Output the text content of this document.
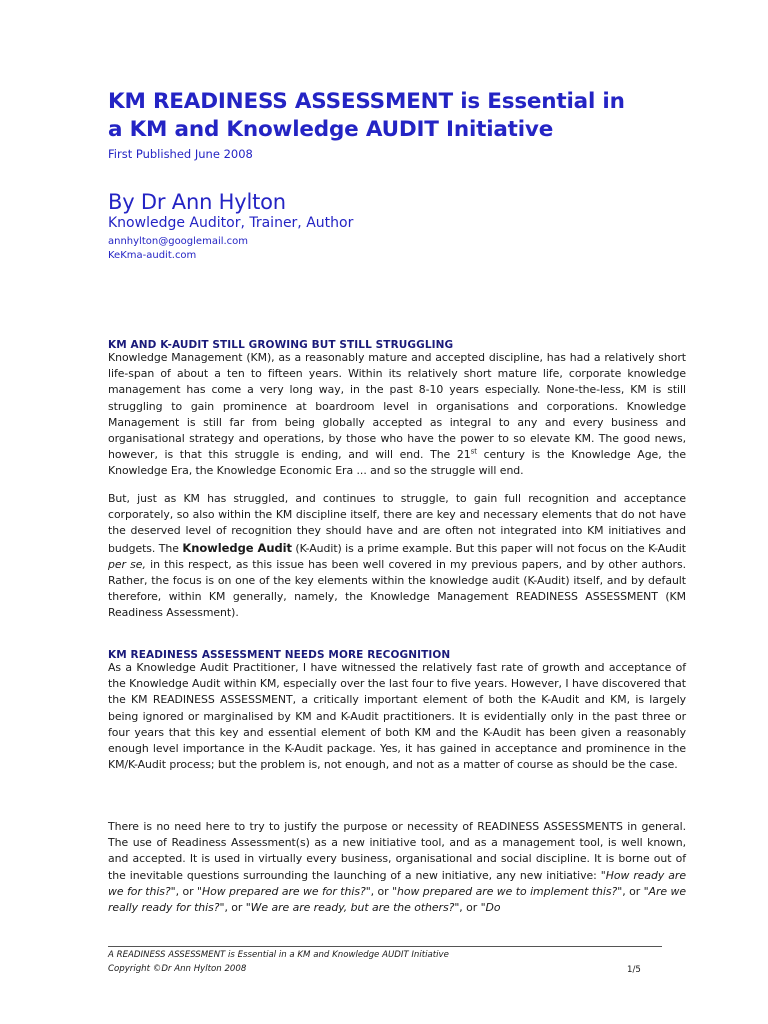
KM READINESS ASSESSMENT is Essential in
a KM and Knowledge AUDIT Initiative
First Published June 2008
By Dr Ann Hylton
Knowledge Auditor, Trainer, Author
annhylton@googlemail.com
KeKma-audit.com
KM AND K-AUDIT STILL GROWING BUT STILL STRUGGLING

Knowledge Management (KM), as a reasonably mature and accepted discipline, has had a relatively short life-span of about a ten to fifteen years. Within its relatively short mature life, corporate knowledge management has come a very long way, in the past 8-10 years especially. None-the-less, KM is still struggling to gain prominence at boardroom level in organisations and corporations. Knowledge Management is still far from being globally accepted as integral to any and every business and organisational strategy and operations, by those who have the power to so elevate KM. The good news, however, is that this struggle is ending, and will end. The 21st century is the Knowledge Age, the Knowledge Era, the Knowledge Economic Era ... and so the struggle will end.

But, just as KM has struggled, and continues to struggle, to gain full recognition and acceptance corporately, so also within the KM discipline itself, there are key and necessary elements that do not have the deserved level of recognition they should have and are often not integrated into KM initiatives and budgets. The Knowledge Audit (K-Audit) is a prime example. But this paper will not focus on the K-Audit per se, in this respect, as this issue has been well covered in my previous papers, and by other authors. Rather, the focus is on one of the key elements within the knowledge audit (K-Audit) itself, and by default therefore, within KM generally, namely, the Knowledge Management READINESS ASSESSMENT (KM Readiness Assessment).

KM READINESS ASSESSMENT NEEDS MORE RECOGNITION

As a Knowledge Audit Practitioner, I have witnessed the relatively fast rate of growth and acceptance of the Knowledge Audit within KM, especially over the last four to five years. However, I have discovered that the KM READINESS ASSESSMENT, a critically important element of both the K-Audit and KM, is largely being ignored or marginalised by KM and K-Audit practitioners. It is evidentially only in the past three or four years that this key and essential element of both KM and the K-Audit has been given a reasonably enough level importance in the K-Audit package. Yes, it has gained in acceptance and prominence in the KM/K-Audit process; but the problem is, not enough, and not as a matter of course as should be the case.

There is no need here to try to justify the purpose or necessity of READINESS ASSESSMENTS in general. The use of Readiness Assessment(s) as a new initiative tool, and as a management tool, is well known, and accepted. It is used in virtually every business, organisational and social discipline. It is borne out of the inevitable questions surrounding the launching of a new initiative, any new initiative: "How ready are we for this?", or "How prepared are we for this?", or "how prepared are we to implement this?", or "Are we really ready for this?", or "We are are ready, but are the others?", or "Do

A READINESS ASSESSMENT is Essential in a KM and Knowledge AUDIT Initiative
Copyright ©Dr Ann Hylton 2008	1/5
